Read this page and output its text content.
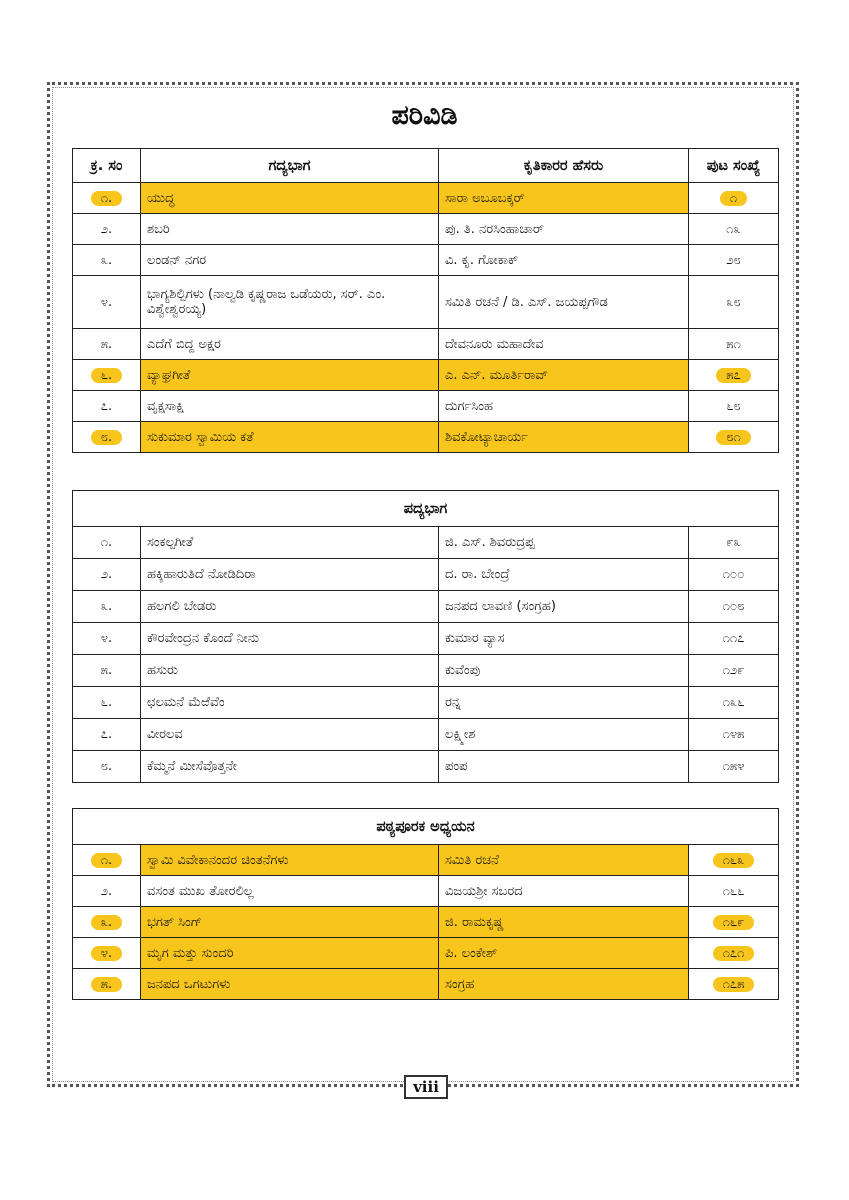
ಪರಿವಿಡಿ
ಕ್ರ. ಸಂ	ಗದ್ಯಭಾಗ	ಕೃತಿಕಾರರ ಹೆಸರು	ಪುಟ ಸಂಖ್ಯೆ
೧.	ಯುದ್ಧ	ಸಾರಾ ಅಬೂಬಕ್ಕರ್	೧
೨.	ಶಬರಿ	ಪು. ತಿ. ನರಸಿಂಹಾಚಾರ್	೧೩
೩.	ಲಂಡನ್ ನಗರ	ವಿ. ಕೃ. ಗೋಕಾಕ್	೨೮
೪.	ಭಾಗ್ಯಶಿಲ್ಪಿಗಳು (ನಾಲ್ವಡಿ ಕೃಷ್ಣರಾಜ ಒಡೆಯರು, ಸರ್. ಎಂ. ವಿಶ್ವೇಶ್ವರಯ್ಯ)	ಸಮಿತಿ ರಚನೆ / ಡಿ. ಎಸ್. ಜಯಪ್ಪಗೌಡ	೩೮
೫.	ಎದೆಗೆ ಬಿದ್ದ ಅಕ್ಷರ	ದೇವನೂರು ಮಹಾದೇವ	೫೧
೬.	ವ್ಯಾಘ್ರಗೀತೆ	ಎ. ಎನ್. ಮೂರ್ತಿರಾವ್	೫೭
೭.	ವೃಕ್ಷಸಾಕ್ಷಿ	ದುರ್ಗಸಿಂಹ	೬೮
೮.	ಸುಕುಮಾರ ಸ್ವಾಮಿಯ ಕತೆ	ಶಿವಕೋಟ್ಯಾಚಾರ್ಯ	೮೧
ಪದ್ಯಭಾಗ			
೧.	ಸಂಕಲ್ಪಗೀತೆ	ಜಿ. ಎಸ್. ಶಿವರುದ್ರಪ್ಪ	೯೩
೨.	ಹಕ್ಕಿಹಾರುತಿದೆ ನೋಡಿದಿರಾ	ದ. ರಾ. ಬೇಂದ್ರೆ	೧೦೦
೩.	ಹಲಗಲಿ ಬೇಡರು	ಜನಪದ ಲಾವಣಿ (ಸಂಗ್ರಹ)	೧೦೮
೪.	ಕೌರವೇಂದ್ರನ ಕೊಂದೆ ನೀನು	ಕುಮಾರ ವ್ಯಾಸ	೧೧೭
೫.	ಹಸುರು	ಕುವೆಂಪು	೧೨೯
೬.	ಛಲಮನೆ ಮೆಱೆವೆಂ	ರನ್ನ	೧೩೬
೭.	ವೀರಲವ	ಲಕ್ಷ್ಮೀಶ	೧೪೫
೮.	ಕೆಮ್ಮನೆ ಮೀಸೆವೊತ್ತನೇ	ಪಂಪ	೧೫೪
ಪಠ್ಯಪೂರಕ ಅಧ್ಯಯನ			
೧.	ಸ್ವಾಮಿ ವಿವೇಕಾನಂದರ ಚಿಂತನೆಗಳು	ಸಮಿತಿ ರಚನೆ	೧೬೩
೨.	ವಸಂತ ಮುಖ ತೋರಲಿಲ್ಲ	ವಿಜಯಶ್ರೀ ಸಬರದ	೧೬೬
೩.	ಭಗತ್ ಸಿಂಗ್	ಜಿ. ರಾಮಕೃಷ್ಣ	೧೬೯
೪.	ಮೃಗ ಮತ್ತು ಸುಂದರಿ	ಪಿ. ಲಂಕೇಶ್	೧೭೧
೫.	ಜನಪದ ಒಗಟುಗಳು	ಸಂಗ್ರಹ	೧೭೫
viii
